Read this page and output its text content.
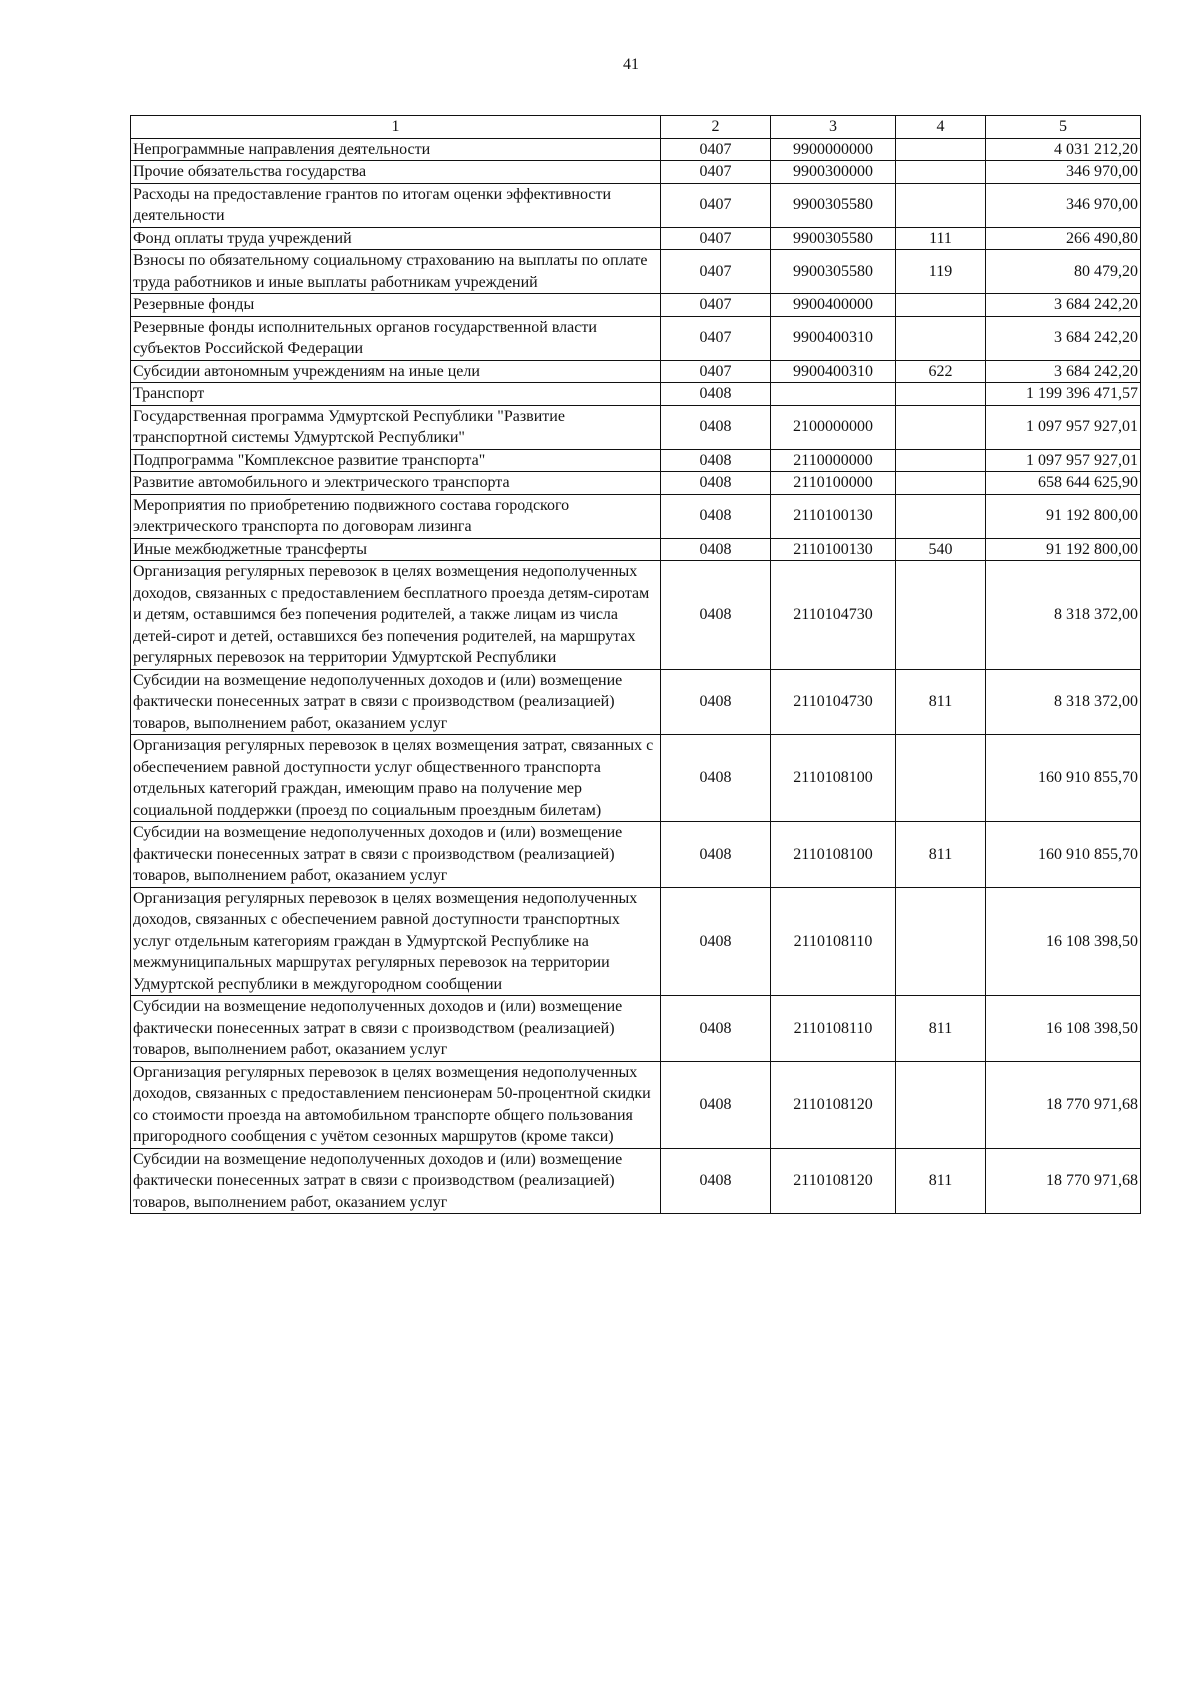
41
1	2	3	4	5
Непрограммные направления деятельности	0407	9900000000		4 031 212,20
Прочие обязательства государства	0407	9900300000		346 970,00
Расходы на предоставление грантов по итогам оценки эффективности деятельности	0407	9900305580		346 970,00
Фонд оплаты труда учреждений	0407	9900305580	111	266 490,80
Взносы по обязательному социальному страхованию на выплаты по оплате труда работников и иные выплаты работникам учреждений	0407	9900305580	119	80 479,20
Резервные фонды	0407	9900400000		3 684 242,20
Резервные фонды исполнительных органов государственной власти субъектов Российской Федерации	0407	9900400310		3 684 242,20
Субсидии автономным учреждениям на иные цели	0407	9900400310	622	3 684 242,20
Транспорт	0408			1 199 396 471,57
Государственная программа Удмуртской Республики "Развитие транспортной системы Удмуртской Республики"	0408	2100000000		1 097 957 927,01
Подпрограмма "Комплексное развитие транспорта"	0408	2110000000		1 097 957 927,01
Развитие автомобильного и электрического транспорта	0408	2110100000		658 644 625,90
Мероприятия по приобретению подвижного состава городского электрического транспорта по договорам лизинга	0408	2110100130		91 192 800,00
Иные межбюджетные трансферты	0408	2110100130	540	91 192 800,00
Организация регулярных перевозок в целях возмещения недополученных доходов, связанных с предоставлением бесплатного проезда детям-сиротам и детям, оставшимся без попечения родителей, а также лицам из числа детей-сирот и детей, оставшихся без попечения родителей, на маршрутах регулярных перевозок на территории Удмуртской Республики	0408	2110104730		8 318 372,00
Субсидии на возмещение недополученных доходов и (или) возмещение фактически понесенных затрат в связи с производством (реализацией) товаров, выполнением работ, оказанием услуг	0408	2110104730	811	8 318 372,00
Организация регулярных перевозок в целях возмещения затрат, связанных с обеспечением равной доступности услуг общественного транспорта отдельных категорий граждан, имеющим право на получение мер социальной поддержки (проезд по социальным проездным билетам)	0408	2110108100		160 910 855,70
Субсидии на возмещение недополученных доходов и (или) возмещение фактически понесенных затрат в связи с производством (реализацией) товаров, выполнением работ, оказанием услуг	0408	2110108100	811	160 910 855,70
Организация регулярных перевозок в целях возмещения недополученных доходов, связанных с обеспечением равной доступности транспортных услуг отдельным категориям граждан в Удмуртской Республике на межмуниципальных маршрутах регулярных перевозок на территории Удмуртской республики в междугородном сообщении	0408	2110108110		16 108 398,50
Субсидии на возмещение недополученных доходов и (или) возмещение фактически понесенных затрат в связи с производством (реализацией) товаров, выполнением работ, оказанием услуг	0408	2110108110	811	16 108 398,50
Организация регулярных перевозок в целях возмещения недополученных доходов, связанных с предоставлением пенсионерам 50-процентной скидки со стоимости проезда на автомобильном транспорте общего пользования пригородного сообщения с учётом сезонных маршрутов (кроме такси)	0408	2110108120		18 770 971,68
Субсидии на возмещение недополученных доходов и (или) возмещение фактически понесенных затрат в связи с производством (реализацией) товаров, выполнением работ, оказанием услуг	0408	2110108120	811	18 770 971,68
